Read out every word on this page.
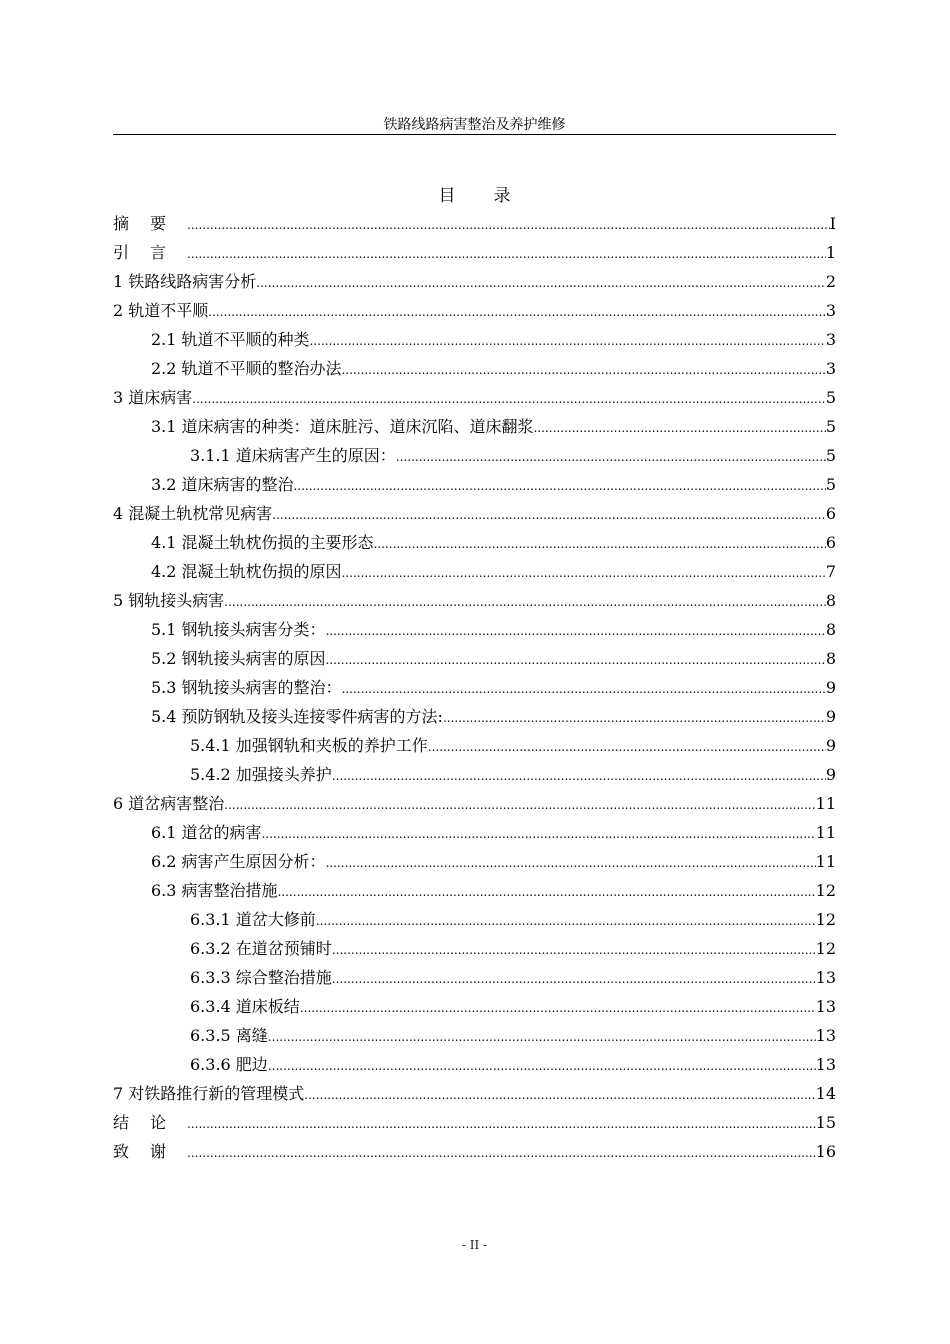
铁路线路病害整治及养护维修
目录
摘要 .....	I
引言 .....	1
1 铁路线路病害分析 .....	2
2 轨道不平顺 .....	3
2.1 轨道不平顺的种类 .....	3
2.2 轨道不平顺的整治办法 .....	3
3 道床病害 .....	5
3.1 道床病害的种类：道床脏污、道床沉陷、道床翻浆 .....	5
3.1.1 道床病害产生的原因： .....	5
3.2 道床病害的整治 .....	5
4 混凝土轨枕常见病害 .....	6
4.1 混凝土轨枕伤损的主要形态 .....	6
4.2 混凝土轨枕伤损的原因 .....	7
5 钢轨接头病害 .....	8
5.1 钢轨接头病害分类： .....	8
5.2 钢轨接头病害的原因 .....	8
5.3 钢轨接头病害的整治： .....	9
5.4 预防钢轨及接头连接零件病害的方法: .....	9
5.4.1 加强钢轨和夹板的养护工作 .....	9
5.4.2 加强接头养护 .....	9
6 道岔病害整治 .....	11
6.1 道岔的病害 .....	11
6.2 病害产生原因分析： .....	11
6.3 病害整治措施 .....	12
6.3.1 道岔大修前 .....	12
6.3.2 在道岔预铺时 .....	12
6.3.3 综合整治措施 .....	13
6.3.4 道床板结 .....	13
6.3.5 离缝 .....	13
6.3.6 肥边 .....	13
7 对铁路推行新的管理模式 .....	14
结论 .....	15
致谢 .....	16
- II -
